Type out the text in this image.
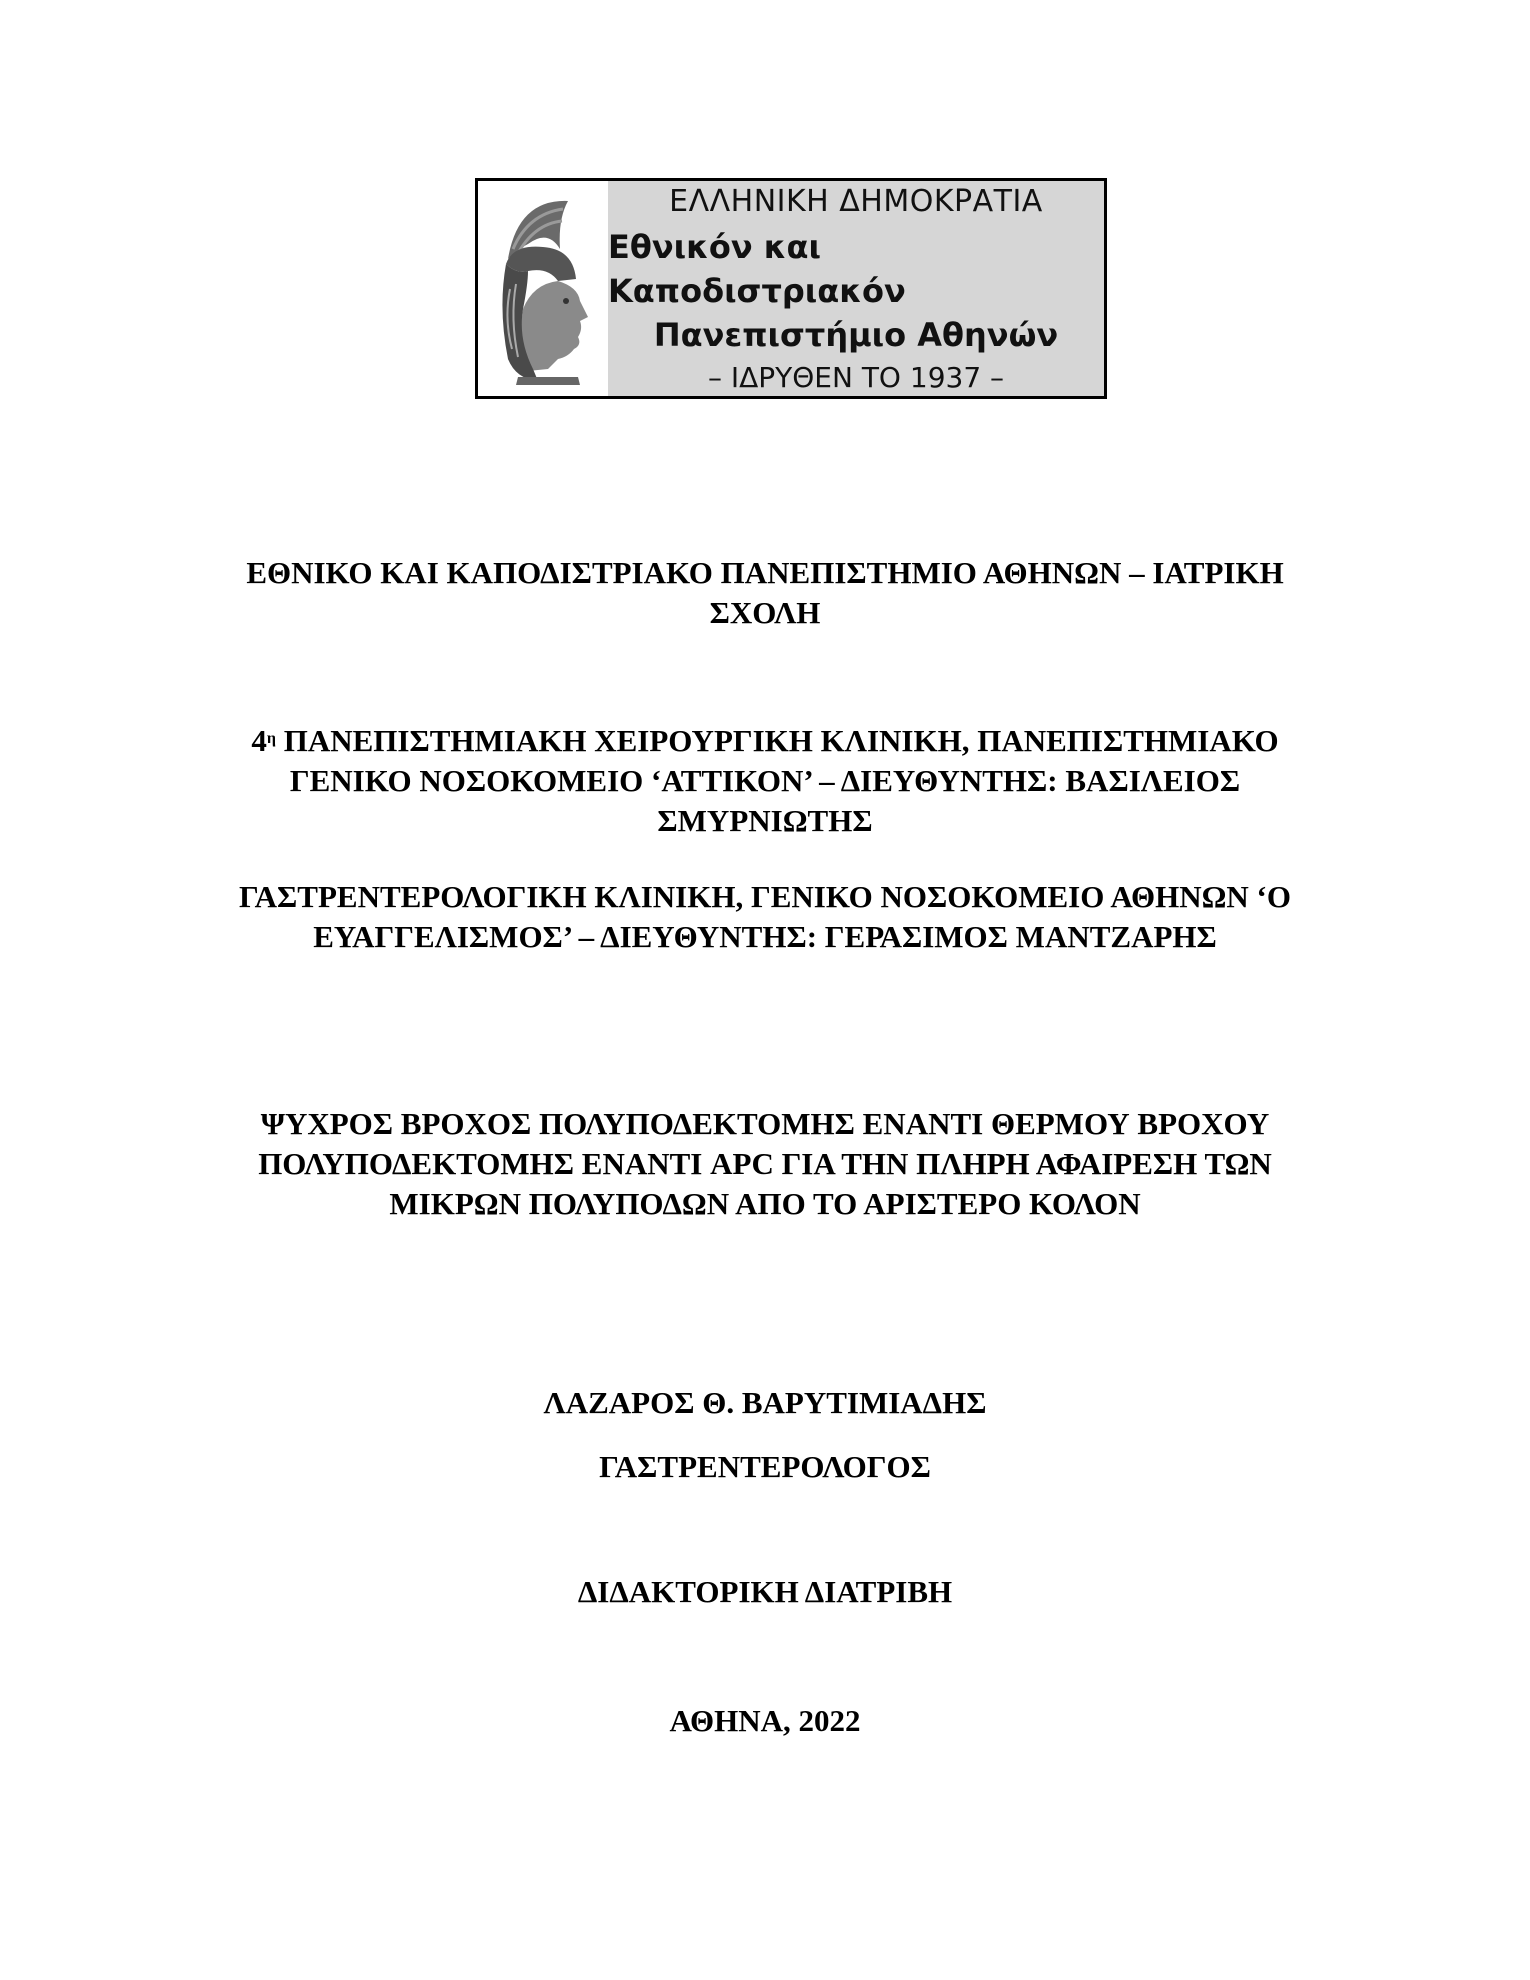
ΕΛΛΗΝΙΚΗ ΔΗΜΟΚΡΑΤΙΑ
Εθνικόν και Καποδιστριακόν
Πανεπιστήμιο Αθηνών
– ΙΔΡΥΘΕΝ ΤΟ 1937 –
ΕΘΝΙΚΟ ΚΑΙ ΚΑΠΟΔΙΣΤΡΙΑΚΟ ΠΑΝΕΠΙΣΤΗΜΙΟ ΑΘΗΝΩΝ – ΙΑΤΡΙΚΗ ΣΧΟΛΗ
$4^\eta$ ΠΑΝΕΠΙΣΤΗΜΙΑΚΗ ΧΕΙΡΟΥΡΓΙΚΗ ΚΛΙΝΙΚΗ, ΠΑΝΕΠΙΣΤΗΜΙΑΚΟ ΓΕΝΙΚΟ ΝΟΣΟΚΟΜΕΙΟ ‘ΑΤΤΙΚΟΝ’ – ΔΙΕΥΘΥΝΤΗΣ: ΒΑΣΙΛΕΙΟΣ ΣΜΥΡΝΙΩΤΗΣ
ΓΑΣΤΡΕΝΤΕΡΟΛΟΓΙΚΗ ΚΛΙΝΙΚΗ, ΓΕΝΙΚΟ ΝΟΣΟΚΟΜΕΙΟ ΑΘΗΝΩΝ ‘Ο ΕΥΑΓΓΕΛΙΣΜΟΣ’ – ΔΙΕΥΘΥΝΤΗΣ: ΓΕΡΑΣΙΜΟΣ ΜΑΝΤΖΑΡΗΣ
ΨΥΧΡΟΣ ΒΡΟΧΟΣ ΠΟΛΥΠΟΔΕΚΤΟΜΗΣ ΕΝΑΝΤΙ ΘΕΡΜΟΥ ΒΡΟΧΟΥ ΠΟΛΥΠΟΔΕΚΤΟΜΗΣ ΕΝΑΝΤΙ APC ΓΙΑ ΤΗΝ ΠΛΗΡΗ ΑΦΑΙΡΕΣΗ ΤΩΝ ΜΙΚΡΩΝ ΠΟΛΥΠΟΔΩΝ ΑΠΟ ΤΟ ΑΡΙΣΤΕΡΟ ΚΟΛΟΝ
ΛΑΖΑΡΟΣ Θ. ΒΑΡΥΤΙΜΙΑΔΗΣ
ΓΑΣΤΡΕΝΤΕΡΟΛΟΓΟΣ
ΔΙΔΑΚΤΟΡΙΚΗ ΔΙΑΤΡΙΒΗ
ΑΘΗΝΑ, 2022
